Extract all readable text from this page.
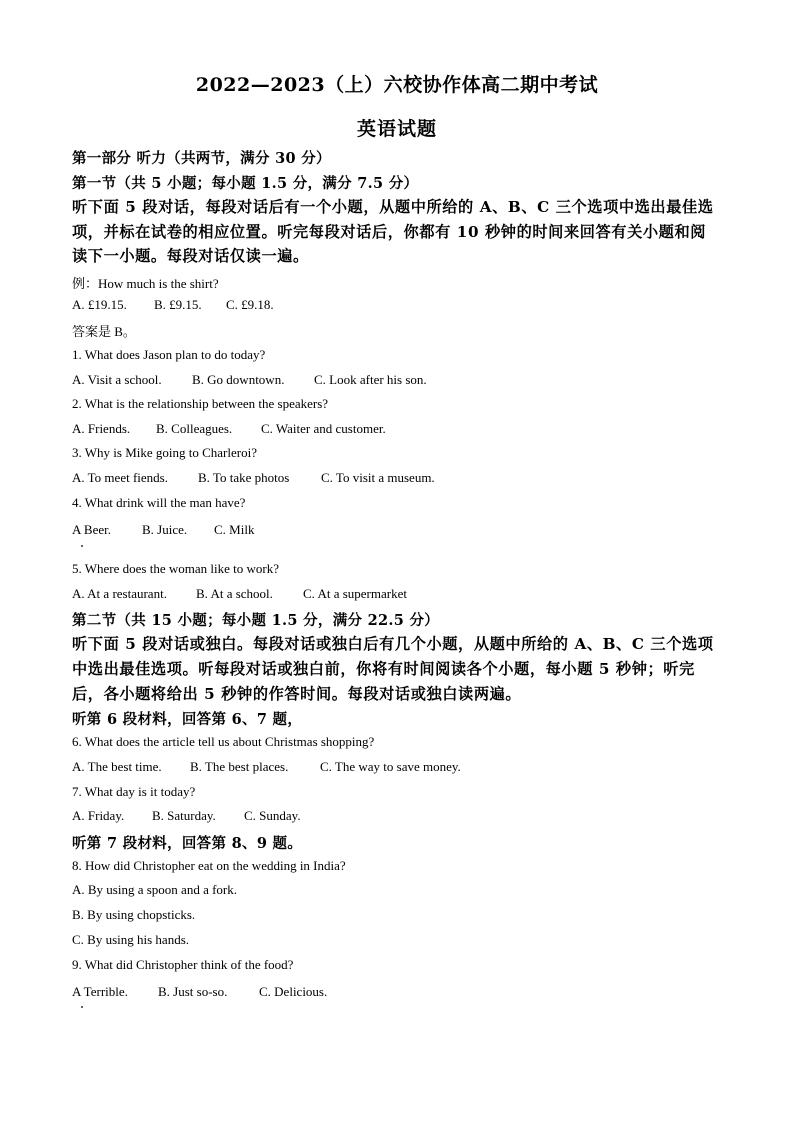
2022—2023（上）六校协作体高二期中考试
英语试题
第一部分 听力（共两节，满分 30 分）
第一节（共 5 小题；每小题 1.5 分，满分 7.5 分）
听下面 5 段对话，每段对话后有一个小题，从题中所给的 A、B、C 三个选项中选出最佳选
项，并标在试卷的相应位置。听完每段对话后，你都有 10 秒钟的时间来回答有关小题和阅
读下一小题。每段对话仅读一遍。
例：How much is the shirt?
A. £19.15. B. £9.15. C. £9.18.
答案是 B。
1. What does Jason plan to do today?
A. Visit a school. B. Go downtown. C. Look after his son.
2. What is the relationship between the speakers?
A. Friends. B. Colleagues. C. Waiter and customer.
3. Why is Mike going to Charleroi?
A. To meet fiends. B. To take photos C. To visit a museum.
4. What drink will the man have?
A Beer. B. Juice. C. Milk
5. Where does the woman like to work?
A. At a restaurant. B. At a school. C. At a supermarket
第二节（共 15 小题；每小题 1.5 分，满分 22.5 分）
听下面 5 段对话或独白。每段对话或独白后有几个小题，从题中所给的 A、B、C 三个选项
中选出最佳选项。听每段对话或独白前，你将有时间阅读各个小题，每小题 5 秒钟；听完
后，各小题将给出 5 秒钟的作答时间。每段对话或独白读两遍。
听第 6 段材料，回答第 6、7 题，
6. What does the article tell us about Christmas shopping?
A. The best time. B. The best places. C. The way to save money.
7. What day is it today?
A. Friday. B. Saturday. C. Sunday.
听第 7 段材料，回答第 8、9 题。
8. How did Christopher eat on the wedding in India?
A. By using a spoon and a fork.
B. By using chopsticks.
C. By using his hands.
9. What did Christopher think of the food?
A Terrible. B. Just so-so. C. Delicious.
